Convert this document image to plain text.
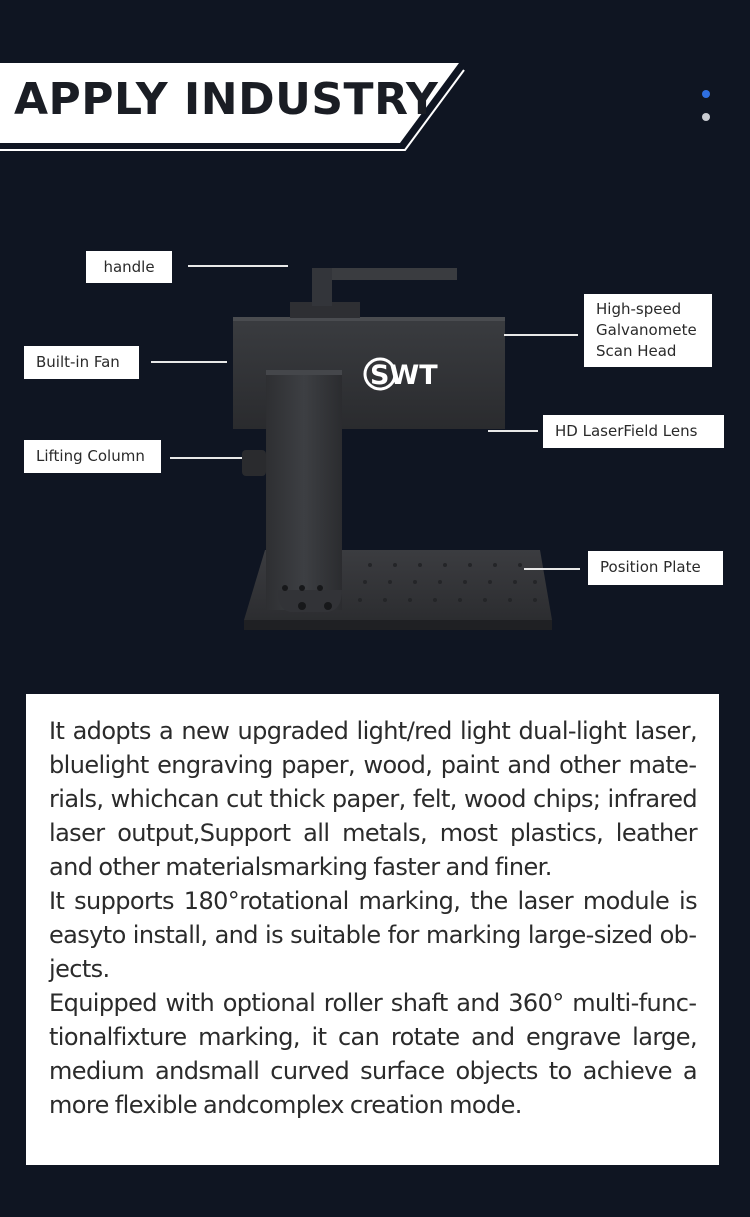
APPLY INDUSTRY
SWT
handle
Built-in Fan
Lifting Column
High-speed
Galvanomete
Scan Head
HD LaserField Lens
Position Plate

It adopts a new upgraded light/red light dual-light laser, bluelight engraving paper, wood, paint and other materials, whichcan cut thick paper, felt, wood chips; infrared laser output,Support all metals, most plastics, leather and other materialsmarking faster and finer.

It supports 180°rotational marking, the laser module is easyto install, and is suitable for marking large-sized objects.

Equipped with optional roller shaft and 360° multi-functionalfixture marking, it can rotate and engrave large, medium andsmall curved surface objects to achieve a more flexible andcomplex creation mode.
